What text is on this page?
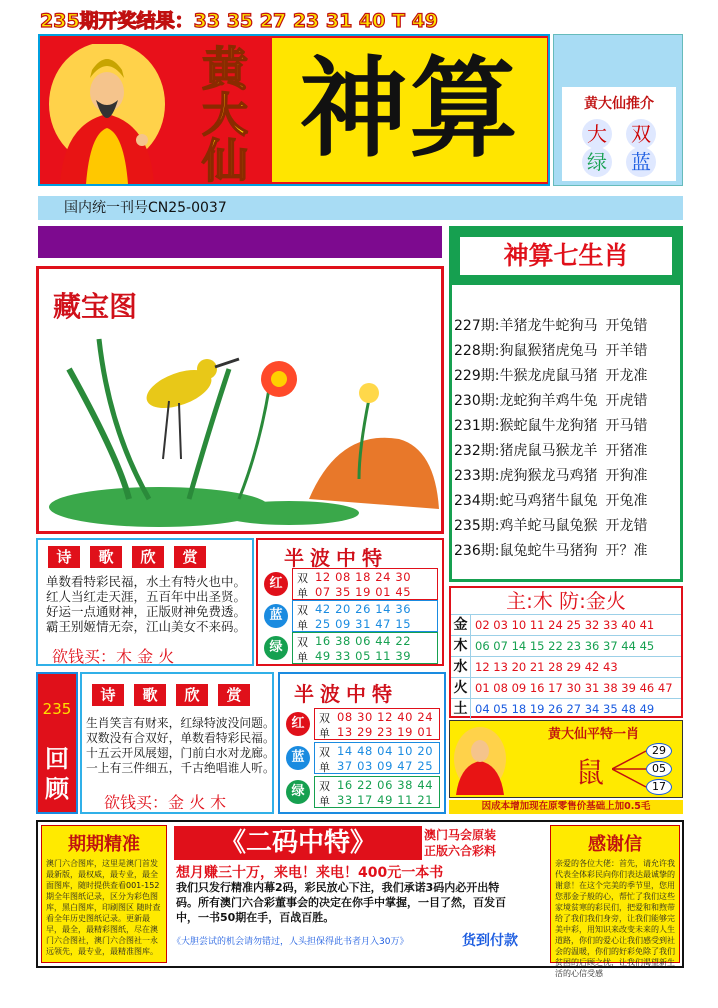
235期开奖结果：33 35 27 23 31 40 T 49
黄大仙 神算	黄大仙推介
大 双
绿 蓝
国内统一刊号CN25-0037
藏宝图
神算七生肖
227期:羊猪龙牛蛇狗马 开兔错
228期:狗鼠猴猪虎兔马 开羊错
229期:牛猴龙虎鼠马猪 开龙准
230期:龙蛇狗羊鸡牛兔 开虎错
231期:猴蛇鼠牛龙狗猪 开马错
232期:猪虎鼠马猴龙羊 开猪准
233期:虎狗猴龙马鸡猪 开狗准
234期:蛇马鸡猪牛鼠兔 开兔准
235期:鸡羊蛇马鼠兔猴 开龙错
236期:鼠兔蛇牛马猪狗 开？准
诗	歌	欣	赏
单数看特彩民福，水土有特火也中。
红人当红走天涯，五百年中出圣贤。
好运一点通财神，正版财神免费透。
霸王别姬情无奈，江山美女不来码。
欲钱买：木 金 火
半波中特
红	双 12 08 18 24 30
单 07 35 19 01 45
蓝	双 42 20 26 14 36
单 25 09 31 47 15
绿	双 16 38 06 44 22
单 49 33 05 11 39
235
回顾
诗	歌	欣	赏
生肖笑言有财来，红绿特波没问题。
双数没有合双好，单数看特彩民福。
十五云开凤展翅，门前白水对龙廊。
一上有三件细五，千古绝唱谁人听。
欲钱买：金 火 木
半波中特
红	双 08 30 12 40 24
单 13 29 23 19 01
蓝	双 14 48 04 10 20
单 37 03 09 47 25
绿	双 16 22 06 38 44
单 33 17 49 11 21
主:木 防:金火
金 02 03 10 11 24 25 32 33 40 41
木 06 07 14 15 22 23 36 37 44 45
水 12 13 20 21 28 29 42 43
火 01 08 09 16 17 30 31 38 39 46 47
土 04 05 18 19 26 27 34 35 48 49
黄大仙平特一肖
鼠
29
05
17
因成本增加现在原零售价基础上加0.5毛
期期精准
澳门六合图库，这里是澳门首发最新版，最权威，最专业，最全面图库，随时提供查看001-152期全年图纸记录，区分为彩色图库，黑白图库，印刷图区 随时查看全年历史图纸记录。更新最早，最全，最精彩图纸，尽在澳门六合图社，澳门六合图社一永远领先，最专业，最精准图库。
《二码中特》	澳门马会原装
正版六合彩料
想月赚三十万，来电！来电！400元一本书
我们只发行精准内幕2码，彩民放心下注，我们承诺3码内必开出特码。所有澳门六合彩董事会的决定在你手中掌握，一目了然，百发百中，一书50期在手，百战百胜。
《大胆尝试的机会请勿错过，人头担保得此书者月入30万》	货到付款
感谢信
亲爱的各位大佬：首先，请允许我代表全体彩民向你们表达最诚挚的谢意！在这个完美的季节里，您用您那金子般的心，帮忙了我们这些家境贫寒的彩民们，把爱和和煦带给了我们我们身旁，让我们能够完美中彩，用知识来改变未来的人生道路，你们的爱心让我们感受到社会的温暖，你们的好彩免除了我们贫困的后顾之忧，让我们渴望新生活的心信受感
